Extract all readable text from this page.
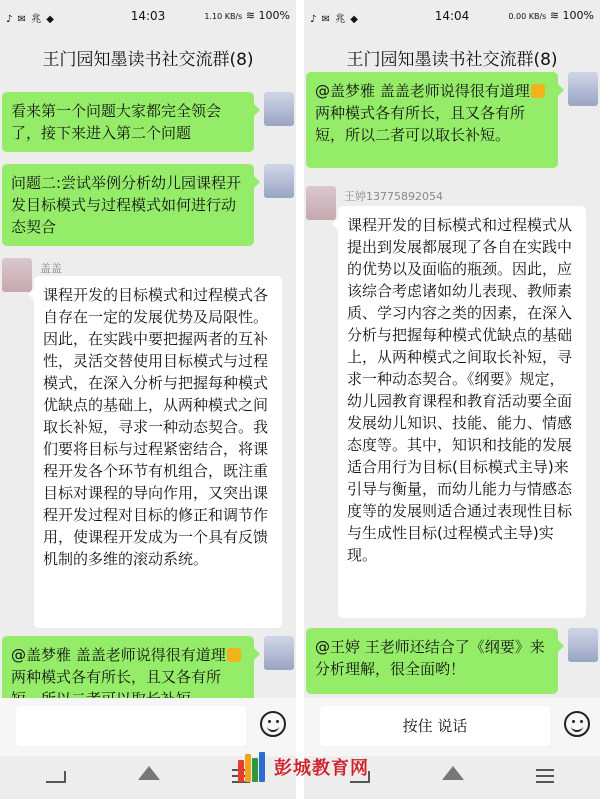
♪ ✉ 兆 ◆	14:03	1.10 KB/s ≋ 100%
王门园知墨读书社交流群(8)
看来第一个问题大家都完全领会了，接下来进入第二个问题
问题二:尝试举例分析幼儿园课程开发目标模式与过程模式如何进行动态契合
盖盖
课程开发的目标模式和过程模式各自存在一定的发展优势及局限性。因此，在实践中要把握两者的互补性，灵活交替使用目标模式与过程模式，在深入分析与把握每种模式优缺点的基础上，从两种模式之间取长补短，寻求一种动态契合。我们要将目标与过程紧密结合，将课程开发各个环节有机组合，既注重目标对课程的导向作用，又突出课程开发过程对目标的修正和调节作用，使课程开发成为一个具有反馈机制的多维的滚动系统。
@盖梦雅 盖盖老师说得很有道理两种模式各有所长，且又各有所
♪ ✉ 兆 ◆	14:04	0.00 KB/s ≋ 100%
王门园知墨读书社交流群(8)
@盖梦雅 盖盖老师说得很有道理两种模式各有所长，且又各有所短，所以二者可以取长补短。
王婷13775892054
课程开发的目标模式和过程模式从提出到发展都展现了各自在实践中的优势以及面临的瓶颈。因此，应该综合考虑诸如幼儿表现、教师素质、学习内容之类的因素，在深入分析与把握每种模式优缺点的基础上，从两种模式之间取长补短，寻求一种动态契合。《纲要》规定，幼儿园教育课程和教育活动要全面发展幼儿知识、技能、能力、情感态度等。其中，知识和技能的发展适合用行为目标(目标模式主导)来引导与衡量，而幼儿能力与情感态度等的发展则适合通过表现性目标与生成性目标(过程模式主导)实现。
@王婷 王老师还结合了《纲要》来分析理解，很全面哟！
按住 说话
彭城教育网
